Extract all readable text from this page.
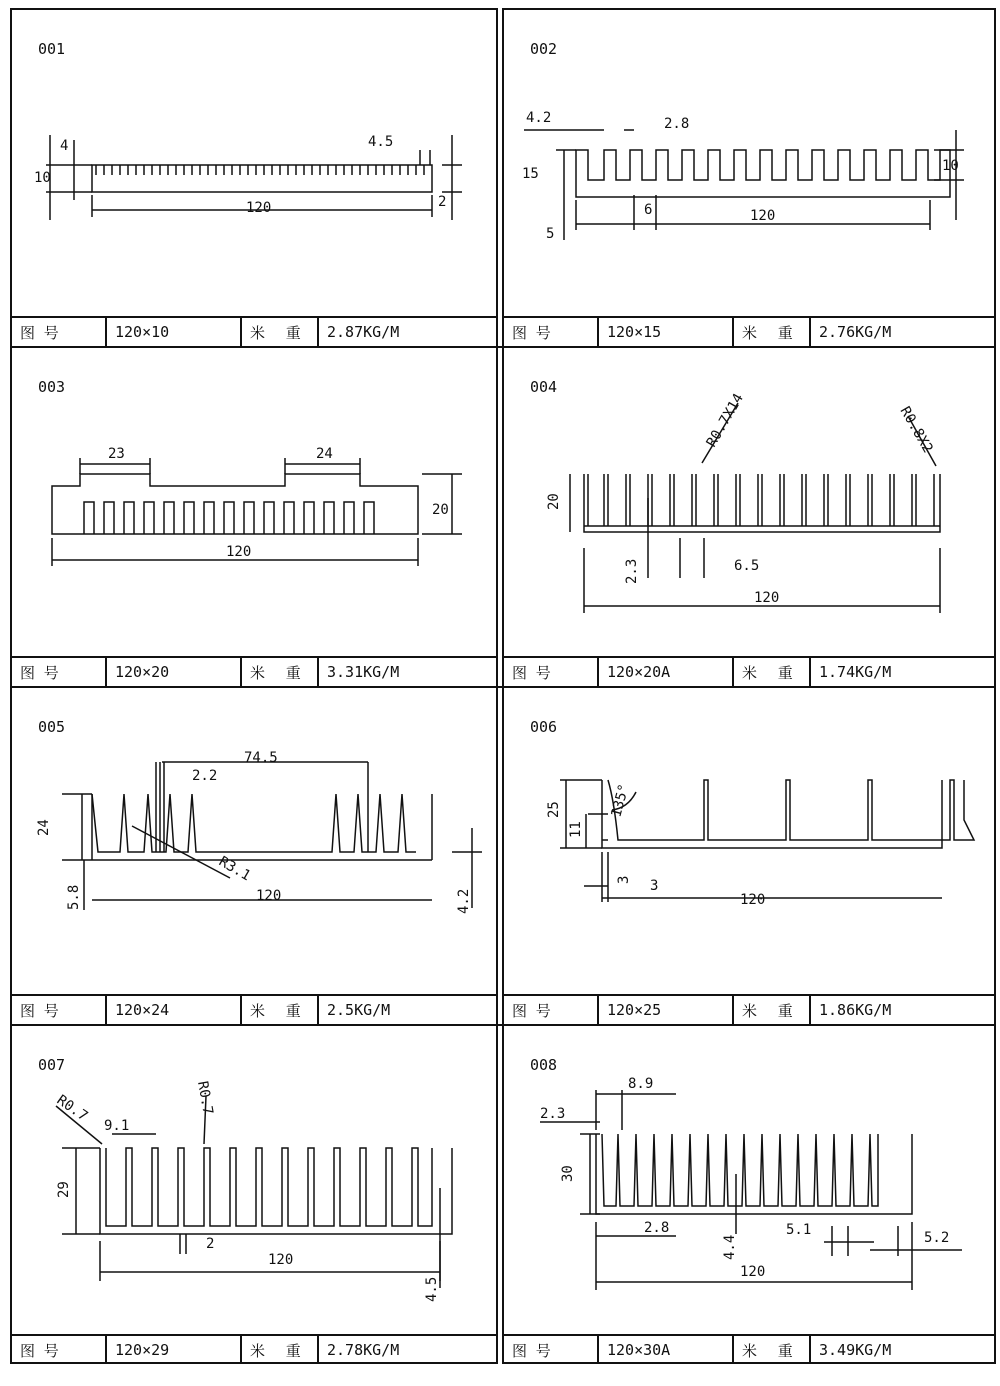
001
4
10
4.5
120	2
图 号	120×10	米 重	2.87KG/M
002
4.2	2.8
15	10
6	120
5
图 号	120×15	米 重	2.76KG/M
003
23	24
20
120
图 号	120×20	米 重	3.31KG/M
004
R0.7X14	R0.8X2
20
2.3	6.5
120
图 号	120×20A	米 重	1.74KG/M
005
74.5
2.2
24
R3.1
120
5.8	4.2
图 号	120×24	米 重	2.5KG/M
006
25
11
135°
3 3
120
图 号	120×25	米 重	1.86KG/M
007
R0.7
9.1
R0.7
29
2
120
4.5
图 号	120×29	米 重	2.78KG/M
008
8.9
2.3
30
2.8	5.1
4.4	5.2
120
图 号	120×30A	米 重	3.49KG/M
